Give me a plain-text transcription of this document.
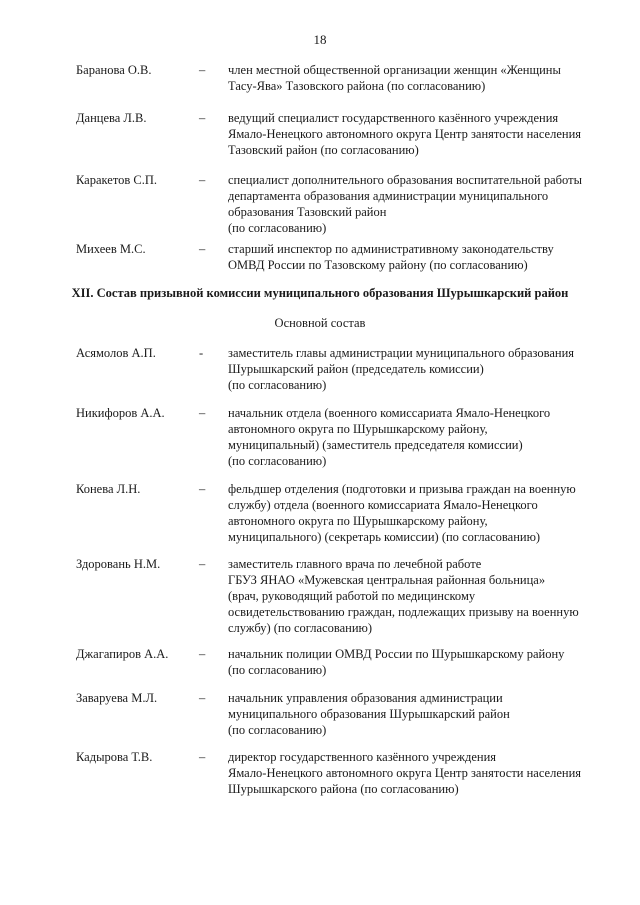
18
Баранова О.В.	– член местной общественной организации женщин «Женщины
Тасу-Ява» Тазовского района (по согласованию)
Данцева Л.В.	– ведущий специалист государственного казённого учреждения
Ямало-Ненецкого автономного округа Центр занятости населения
Тазовский район (по согласованию)
Каракетов С.П.	– специалист дополнительного образования воспитательной работы
департамента образования администрации муниципального
образования Тазовский район
(по согласованию)
Михеев М.С.	– старший инспектор по административному законодательству
ОМВД России по Тазовскому району (по согласованию)
XII. Состав призывной комиссии муниципального образования Шурышкарский район
Основной состав
Асямолов А.П.	- заместитель главы администрации муниципального образования
Шурышкарский район (председатель комиссии)
(по согласованию)
Никифоров А.А.	– начальник отдела (военного комиссариата Ямало-Ненецкого
автономного округа по Шурышкарскому району,
муниципальный) (заместитель председателя комиссии)
(по согласованию)
Конева Л.Н.	– фельдшер отделения (подготовки и призыва граждан на военную
службу) отдела (военного комиссариата Ямало-Ненецкого
автономного округа по Шурышкарскому району,
муниципального) (секретарь комиссии) (по согласованию)
Здоровань Н.М.	– заместитель главного врача по лечебной работе
ГБУЗ ЯНАО «Мужевская центральная районная больница»
(врач, руководящий работой по медицинскому
освидетельствованию граждан, подлежащих призыву на военную
службу) (по согласованию)
Джагапиров А.А. – начальник полиции ОМВД России по Шурышкарскому району
(по согласованию)
Заваруева М.Л.	– начальник управления образования администрации
муниципального образования Шурышкарский район
(по согласованию)
Кадырова Т.В.	– директор государственного казённого учреждения
Ямало-Ненецкого автономного округа Центр занятости населения
Шурышкарского района (по согласованию)
